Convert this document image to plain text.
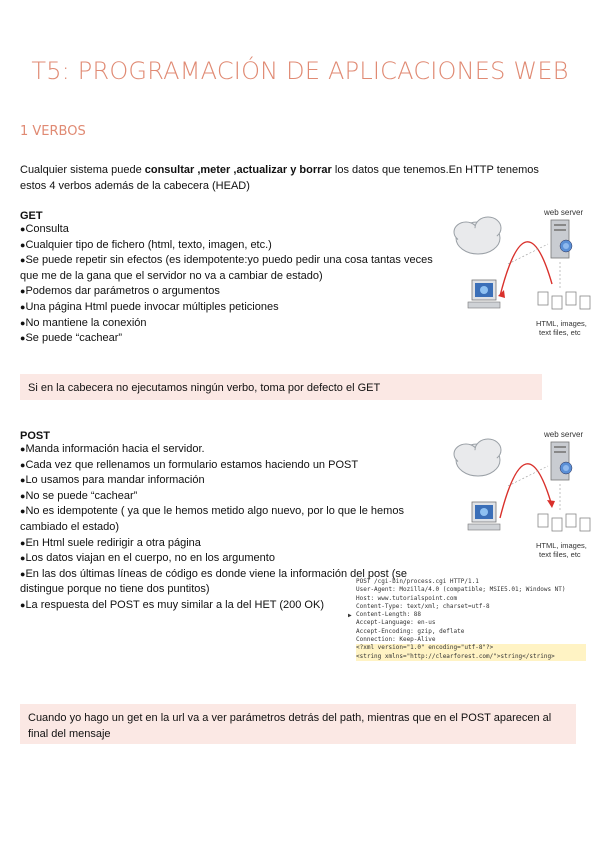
T5: PROGRAMACIÓN DE APLICACIONES WEB
1 VERBOS
Cualquier sistema puede consultar ,meter ,actualizar y borrar los datos que tenemos.En HTTP tenemos estos 4 verbos además de la cabecera (HEAD)
GET
● Consulta
● Cualquier tipo de fichero (html, texto, imagen, etc.)
● Se puede repetir sin efectos (es idempotente:yo puedo pedir una cosa tantas veces que me de la gana que el servidor no va a cambiar de estado)
● Podemos dar parámetros o argumentos
● Una página Html puede invocar múltiples peticiones
● No mantiene la conexión
● Se puede “cachear”
web server
HTML, images,
text files, etc
Si en la cabecera no ejecutamos ningún verbo, toma por defecto el GET
POST
● Manda información hacia el servidor.
● Cada vez que rellenamos un formulario estamos haciendo un POST
● Lo usamos para mandar información
● No se puede “cachear”
● No es idempotente ( ya que le hemos metido algo nuevo, por lo que le hemos cambiado el estado)
● En Html suele redirigir a otra página
● Los datos viajan en el cuerpo, no en los argumento
● En las dos últimas líneas de código es donde viene la información del post (se distingue porque no tiene dos puntitos)
● La respuesta del POST es muy similar a la del HET (200 OK)
web server
HTML, images,
text files, etc
▶
POST /cgi-bin/process.cgi HTTP/1.1
User-Agent: Mozilla/4.0 (compatible; MSIE5.01; Windows NT)
Host: www.tutorialspoint.com
Content-Type: text/xml; charset=utf-8
Content-Length: 88
Accept-Language: en-us
Accept-Encoding: gzip, deflate
Connection: Keep-Alive
<?xml version="1.0" encoding="utf-8"?>
<string xmlns="http://clearforest.com/">string</string>
Cuando yo hago un get en la url va a ver parámetros detrás del path, mientras que en el POST aparecen al final del mensaje
